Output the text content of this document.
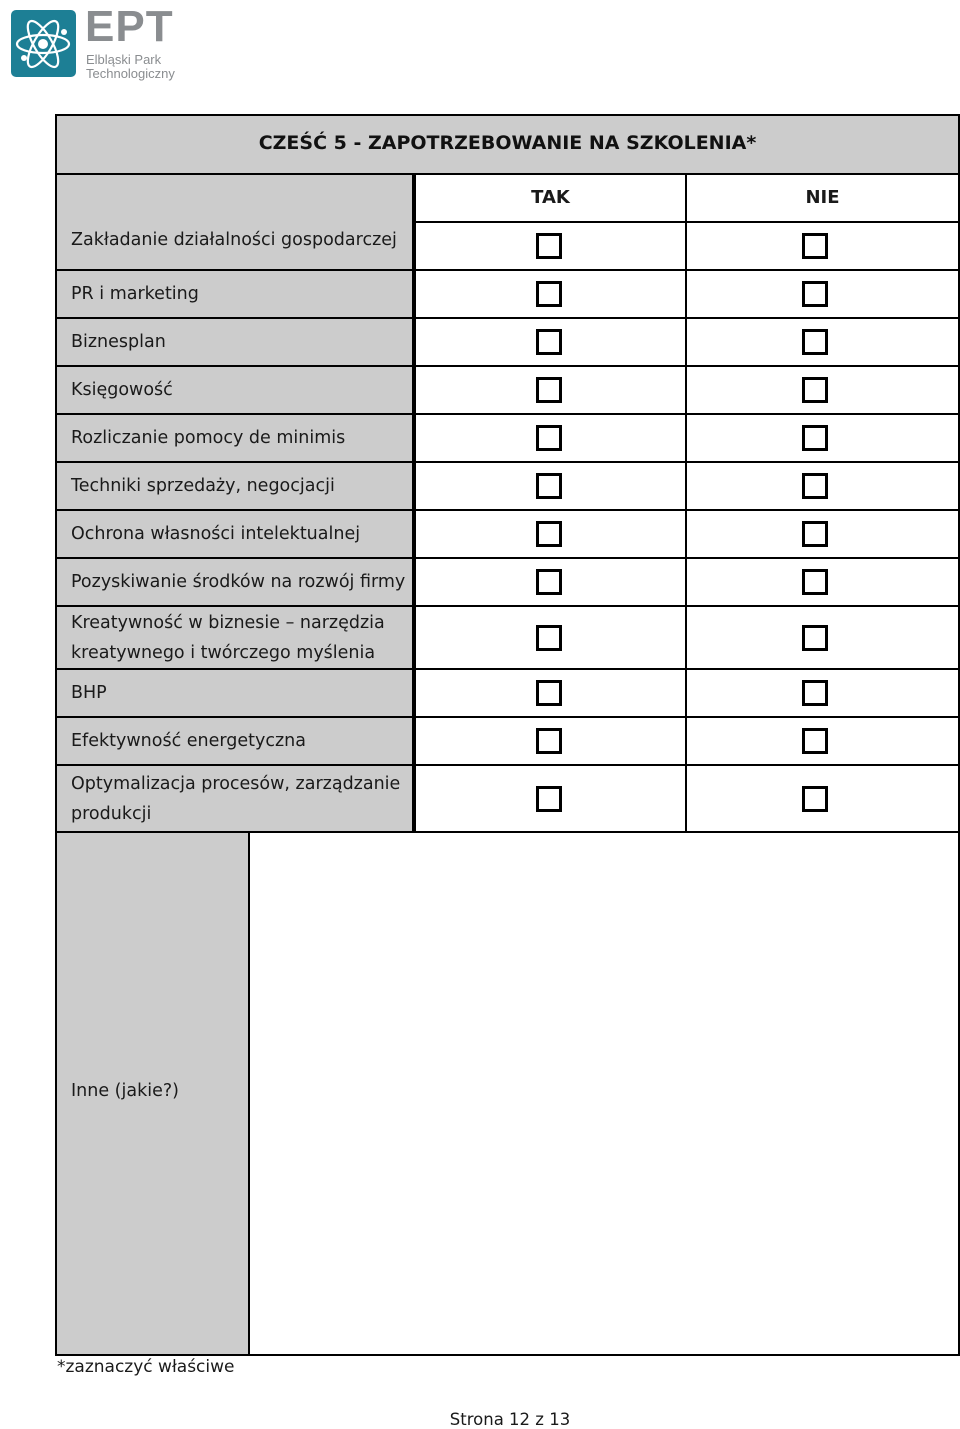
EPT
Elbląski Park
Technologiczny
CZEŚĆ 5 - ZAPOTRZEBOWANIE NA SZKOLENIA*
TAK	NIE
Zakładanie działalności gospodarczej
PR i marketing
Biznesplan
Księgowość
Rozliczanie pomocy de minimis
Techniki sprzedaży, negocjacji
Ochrona własności intelektualnej
Pozyskiwanie środków na rozwój firmy
Kreatywność w biznesie – narzędzia kreatywnego i twórczego myślenia
BHP
Efektywność energetyczna
Optymalizacja procesów, zarządzanie produkcji
Inne (jakie?)
*zaznaczyć właściwe
Strona 12 z 13
